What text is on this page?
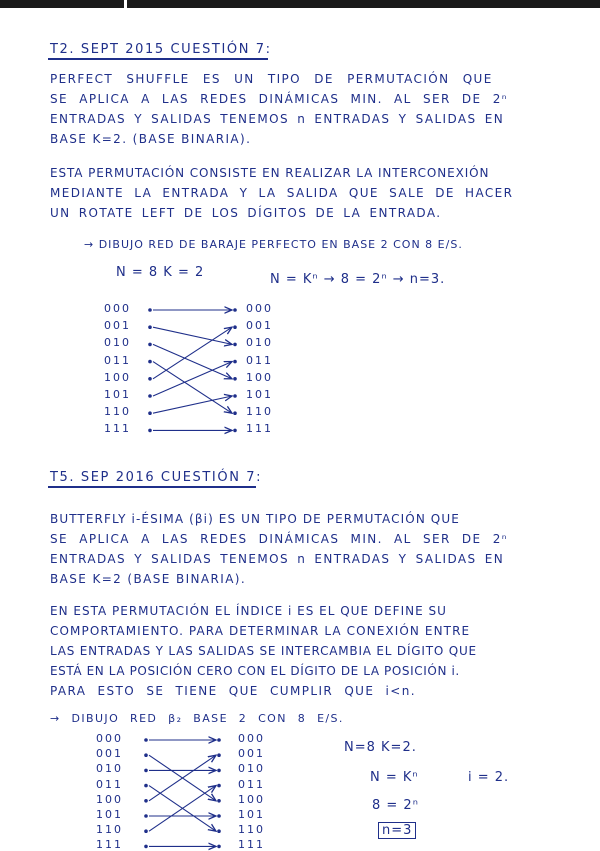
T2. SEPT 2015 CUESTIÓN 7:
PERFECT SHUFFLE ES UN TIPO DE PERMUTACIÓN QUE
SE APLICA A LAS REDES DINÁMICAS MIN. AL SER DE 2ⁿ
ENTRADAS Y SALIDAS TENEMOS n ENTRADAS Y SALIDAS EN
BASE K=2. (BASE BINARIA).
ESTA PERMUTACIÓN CONSISTE EN REALIZAR LA INTERCONEXIÓN
MEDIANTE LA ENTRADA Y LA SALIDA QUE SALE DE HACER
UN ROTATE LEFT DE LOS DÍGITOS DE LA ENTRADA.
→ DIBUJO RED DE BARAJE PERFECTO EN BASE 2 CON 8 E/S.
N = 8 K = 2	N = Kⁿ → 8 = 2ⁿ → n=3.
000	000
001	001
010	010
011	011
100	100
101	101
110	110
111	111
T5. SEP 2016 CUESTIÓN 7:
BUTTERFLY i-ÉSIMA (βi) ES UN TIPO DE PERMUTACIÓN QUE
SE APLICA A LAS REDES DINÁMICAS MIN. AL SER DE 2ⁿ
ENTRADAS Y SALIDAS TENEMOS n ENTRADAS Y SALIDAS EN
BASE K=2 (BASE BINARIA).
EN ESTA PERMUTACIÓN EL ÍNDICE i ES EL QUE DEFINE SU
COMPORTAMIENTO. PARA DETERMINAR LA CONEXIÓN ENTRE
LAS ENTRADAS Y LAS SALIDAS SE INTERCAMBIA EL DÍGITO QUE
ESTÁ EN LA POSICIÓN CERO CON EL DÍGITO DE LA POSICIÓN i.
PARA ESTO SE TIENE QUE CUMPLIR QUE i<n.
→ DIBUJO RED β₂ BASE 2 CON 8 E/S.
N=8 K=2.
N = Kⁿ	i = 2.
8 = 2ⁿ
n=3
000	000
001	001
010	010
011	011
100	100
101	101
110	110
111	111
